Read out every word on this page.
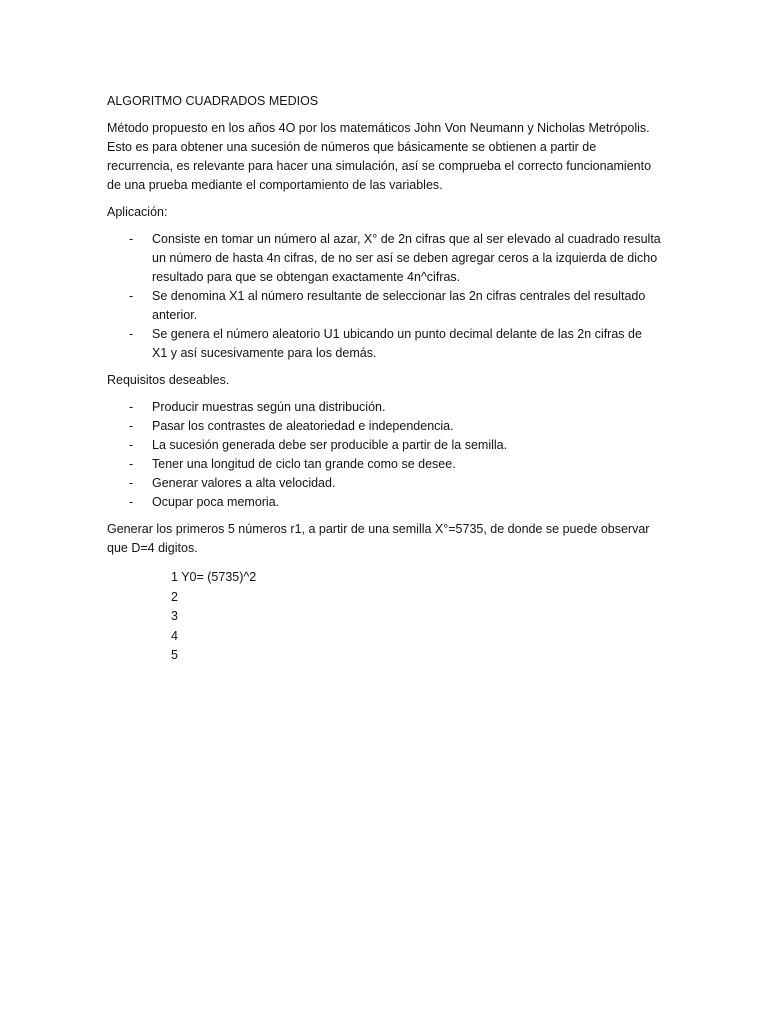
ALGORITMO CUADRADOS MEDIOS

Método propuesto en los años 4O por los matemáticos John Von Neumann y Nicholas Metrópolis.
Esto es para obtener una sucesión de números que básicamente se obtienen a partir de
recurrencia, es relevante para hacer una simulación, así se comprueba el correcto funcionamiento
de una prueba mediante el comportamiento de las variables.

Aplicación:

- Consiste en tomar un número al azar, X° de 2n cifras que al ser elevado al cuadrado resulta
un número de hasta 4n cifras, de no ser así se deben agregar ceros a la izquierda de dicho
resultado para que se obtengan exactamente 4n^cifras.
- Se denomina X1 al número resultante de seleccionar las 2n cifras centrales del resultado
anterior.
- Se genera el número aleatorio U1 ubicando un punto decimal delante de las 2n cifras de
X1 y así sucesivamente para los demás.

Requisitos deseables.

- Producir muestras según una distribución.
- Pasar los contrastes de aleatoriedad e independencia.
- La sucesión generada debe ser producible a partir de la semilla.
- Tener una longitud de ciclo tan grande como se desee.
- Generar valores a alta velocidad.
- Ocupar poca memoria.

Generar los primeros 5 números r1, a partir de una semilla X°=5735, de donde se puede observar
que D=4 digitos.

1 Y0= (5735)^2
2
3
4
5
